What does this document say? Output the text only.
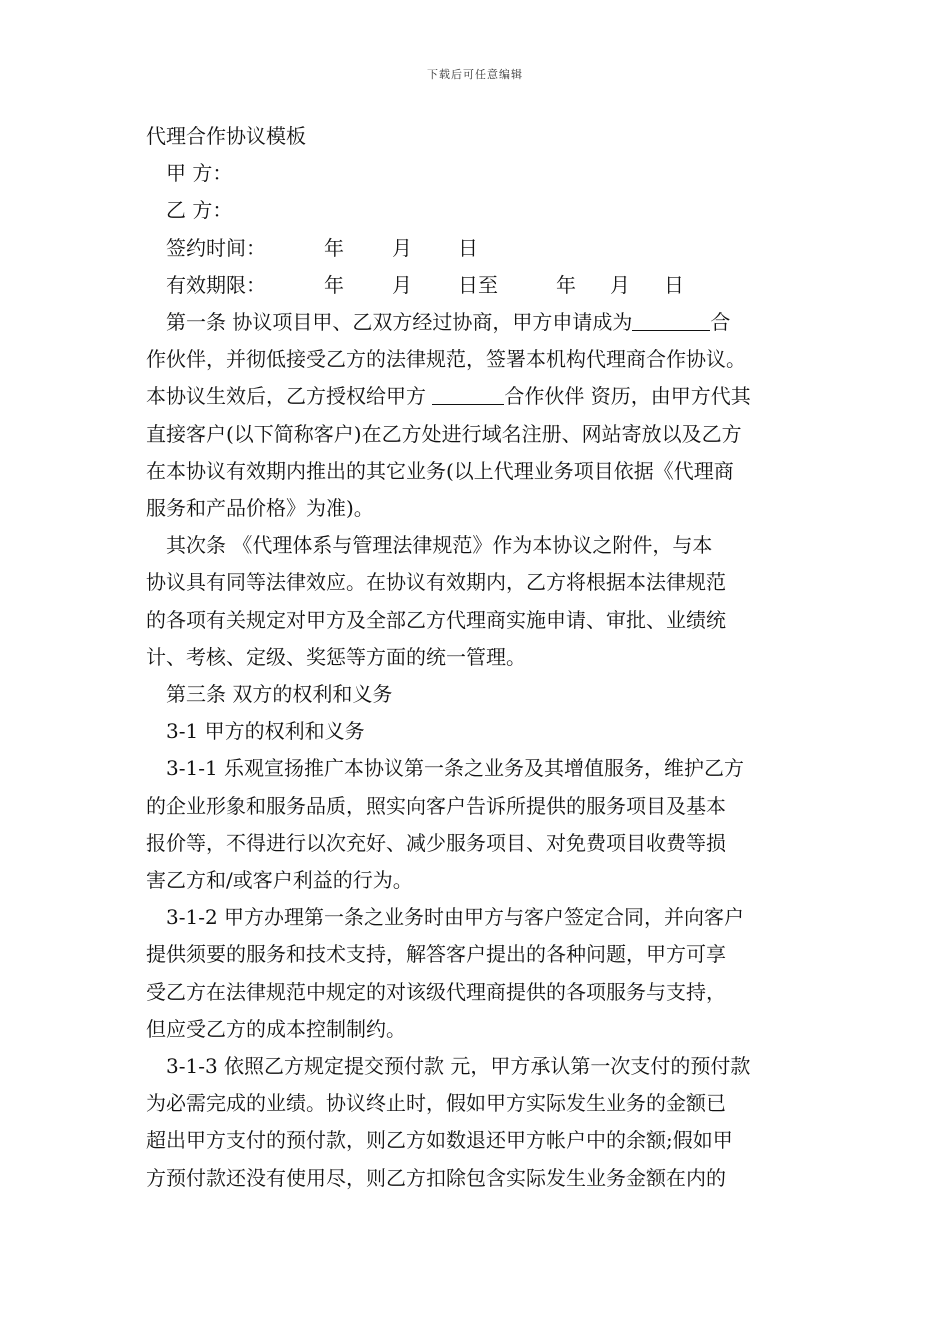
下载后可任意编辑
代理合作协议模板
甲 方：
乙 方：
签约时间：	年 月 日
有效期限：	年 月 日至	年 月 日
第一条 协议项目甲、乙双方经过协商，甲方申请成为	合
作伙伴，并彻低接受乙方的法律规范，签署本机构代理商合作协议。
本协议生效后，乙方授权给甲方	合作伙伴 资历，由甲方代其
直接客户(以下简称客户)在乙方处进行域名注册、网站寄放以及乙方
在本协议有效期内推出的其它业务(以上代理业务项目依据《代理商
服务和产品价格》为准)。
其次条 《代理体系与管理法律规范》作为本协议之附件，与本
协议具有同等法律效应。在协议有效期内，乙方将根据本法律规范
的各项有关规定对甲方及全部乙方代理商实施申请、审批、业绩统
计、考核、定级、奖惩等方面的统一管理。
第三条 双方的权利和义务
3-1 甲方的权利和义务
3-1-1 乐观宣扬推广本协议第一条之业务及其增值服务，维护乙方
的企业形象和服务品质，照实向客户告诉所提供的服务项目及基本
报价等，不得进行以次充好、减少服务项目、对免费项目收费等损
害乙方和/或客户利益的行为。
3-1-2 甲方办理第一条之业务时由甲方与客户签定合同，并向客户
提供须要的服务和技术支持，解答客户提出的各种问题，甲方可享
受乙方在法律规范中规定的对该级代理商提供的各项服务与支持，
但应受乙方的成本控制制约。
3-1-3 依照乙方规定提交预付款 元，甲方承认第一次支付的预付款
为必需完成的业绩。协议终止时，假如甲方实际发生业务的金额已
超出甲方支付的预付款，则乙方如数退还甲方帐户中的余额;假如甲
方预付款还没有使用尽，则乙方扣除包含实际发生业务金额在内的
